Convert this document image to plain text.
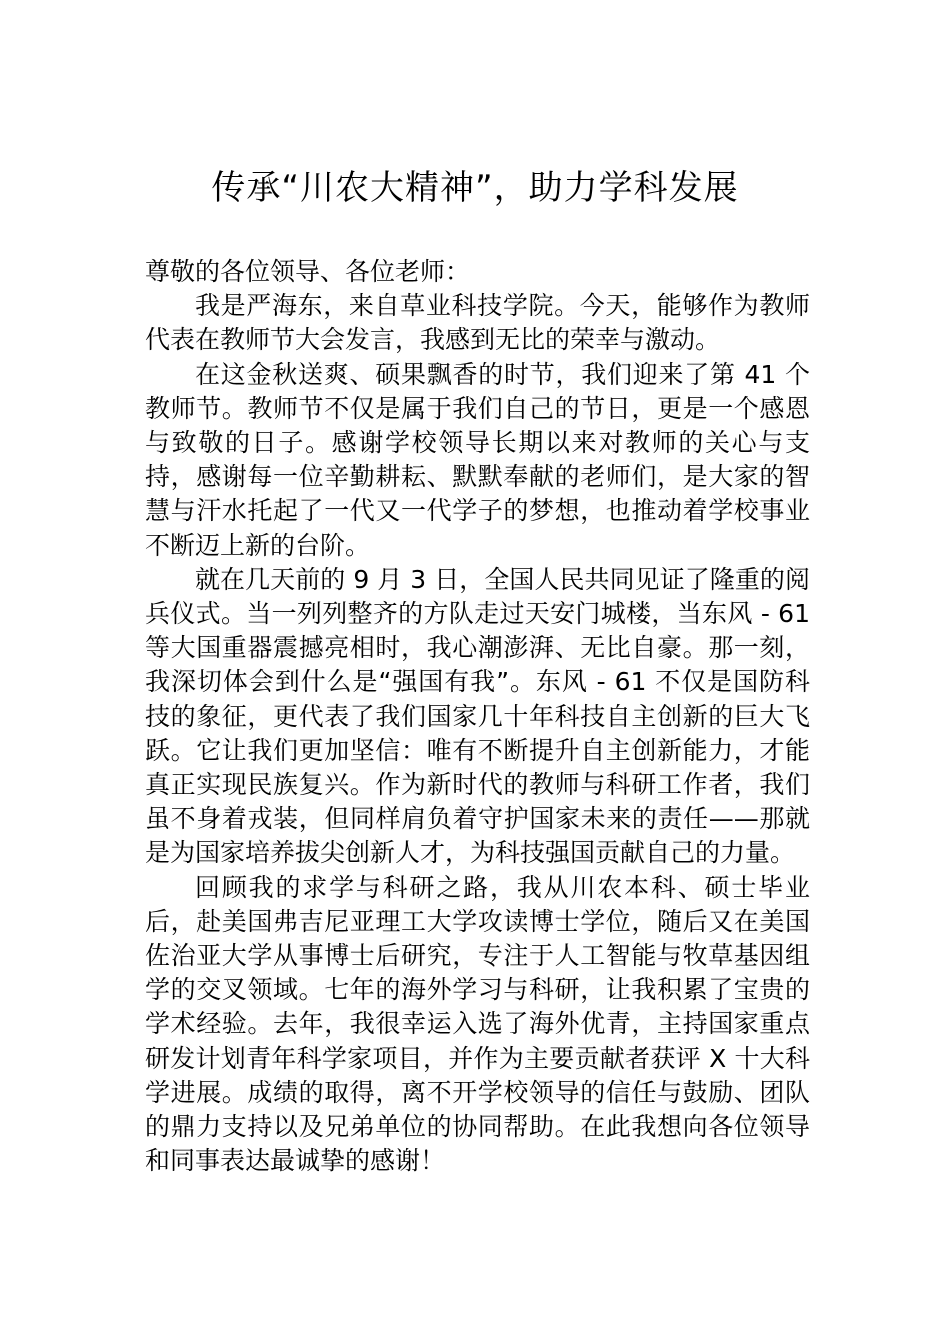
传承“川农大精神”，助力学科发展

尊敬的各位领导、各位老师：

我是严海东，来自草业科技学院。今天，能够作为教师代表在教师节大会发言，我感到无比的荣幸与激动。

在这金秋送爽、硕果飘香的时节，我们迎来了第 41 个教师节。教师节不仅是属于我们自己的节日，更是一个感恩与致敬的日子。感谢学校领导长期以来对教师的关心与支持，感谢每一位辛勤耕耘、默默奉献的老师们，是大家的智慧与汗水托起了一代又一代学子的梦想，也推动着学校事业不断迈上新的台阶。

就在几天前的 9 月 3 日，全国人民共同见证了隆重的阅兵仪式。当一列列整齐的方队走过天安门城楼，当东风 - 61 等大国重器震撼亮相时，我心潮澎湃、无比自豪。那一刻，我深切体会到什么是“强国有我”。东风 - 61 不仅是国防科技的象征，更代表了我们国家几十年科技自主创新的巨大飞跃。它让我们更加坚信：唯有不断提升自主创新能力，才能真正实现民族复兴。作为新时代的教师与科研工作者，我们虽不身着戎装，但同样肩负着守护国家未来的责任——那就是为国家培养拔尖创新人才，为科技强国贡献自己的力量。

回顾我的求学与科研之路，我从川农本科、硕士毕业后，赴美国弗吉尼亚理工大学攻读博士学位，随后又在美国佐治亚大学从事博士后研究，专注于人工智能与牧草基因组学的交叉领域。七年的海外学习与科研，让我积累了宝贵的学术经验。去年，我很幸运入选了海外优青，主持国家重点研发计划青年科学家项目，并作为主要贡献者获评 X 十大科学进展。成绩的取得，离不开学校领导的信任与鼓励、团队的鼎力支持以及兄弟单位的协同帮助。在此我想向各位领导和同事表达最诚挚的感谢！
